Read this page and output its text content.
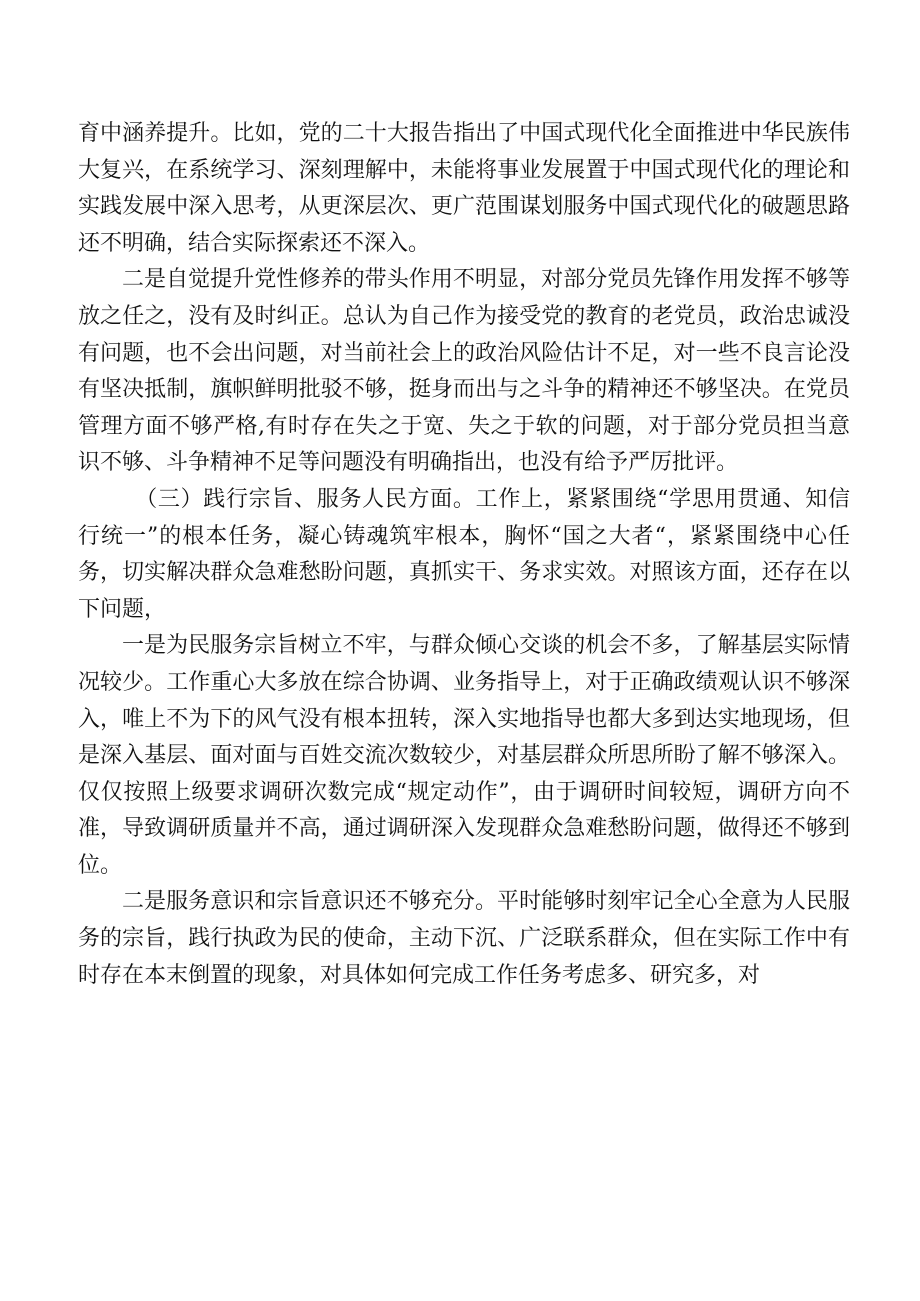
育中涵养提升。比如，党的二十大报告指出了中国式现代化全面推进中华民族伟大复兴，在系统学习、深刻理解中，未能将事业发展置于中国式现代化的理论和实践发展中深入思考，从更深层次、更广范围谋划服务中国式现代化的破题思路还不明确，结合实际探索还不深入。

二是自觉提升党性修养的带头作用不明显，对部分党员先锋作用发挥不够等放之任之，没有及时纠正。总认为自己作为接受党的教育的老党员，政治忠诚没有问题，也不会出问题，对当前社会上的政治风险估计不足，对一些不良言论没有坚决抵制，旗帜鲜明批驳不够，挺身而出与之斗争的精神还不够坚决。在党员管理方面不够严格,有时存在失之于宽、失之于软的问题，对于部分党员担当意识不够、斗争精神不足等问题没有明确指出，也没有给予严厉批评。

（三）践行宗旨、服务人民方面。工作上，紧紧围绕“学思用贯通、知信行统一”的根本任务，凝心铸魂筑牢根本，胸怀“国之大者“，紧紧围绕中心任务，切实解决群众急难愁盼问题，真抓实干、务求实效。对照该方面，还存在以下问题，

一是为民服务宗旨树立不牢，与群众倾心交谈的机会不多，了解基层实际情况较少。工作重心大多放在综合协调、业务指导上，对于正确政绩观认识不够深入，唯上不为下的风气没有根本扭转，深入实地指导也都大多到达实地现场，但是深入基层、面对面与百姓交流次数较少，对基层群众所思所盼了解不够深入。仅仅按照上级要求调研次数完成“规定动作”，由于调研时间较短，调研方向不准，导致调研质量并不高，通过调研深入发现群众急难愁盼问题，做得还不够到位。

二是服务意识和宗旨意识还不够充分。平时能够时刻牢记全心全意为人民服务的宗旨，践行执政为民的使命，主动下沉、广泛联系群众，但在实际工作中有时存在本末倒置的现象，对具体如何完成工作任务考虑多、研究多，对
